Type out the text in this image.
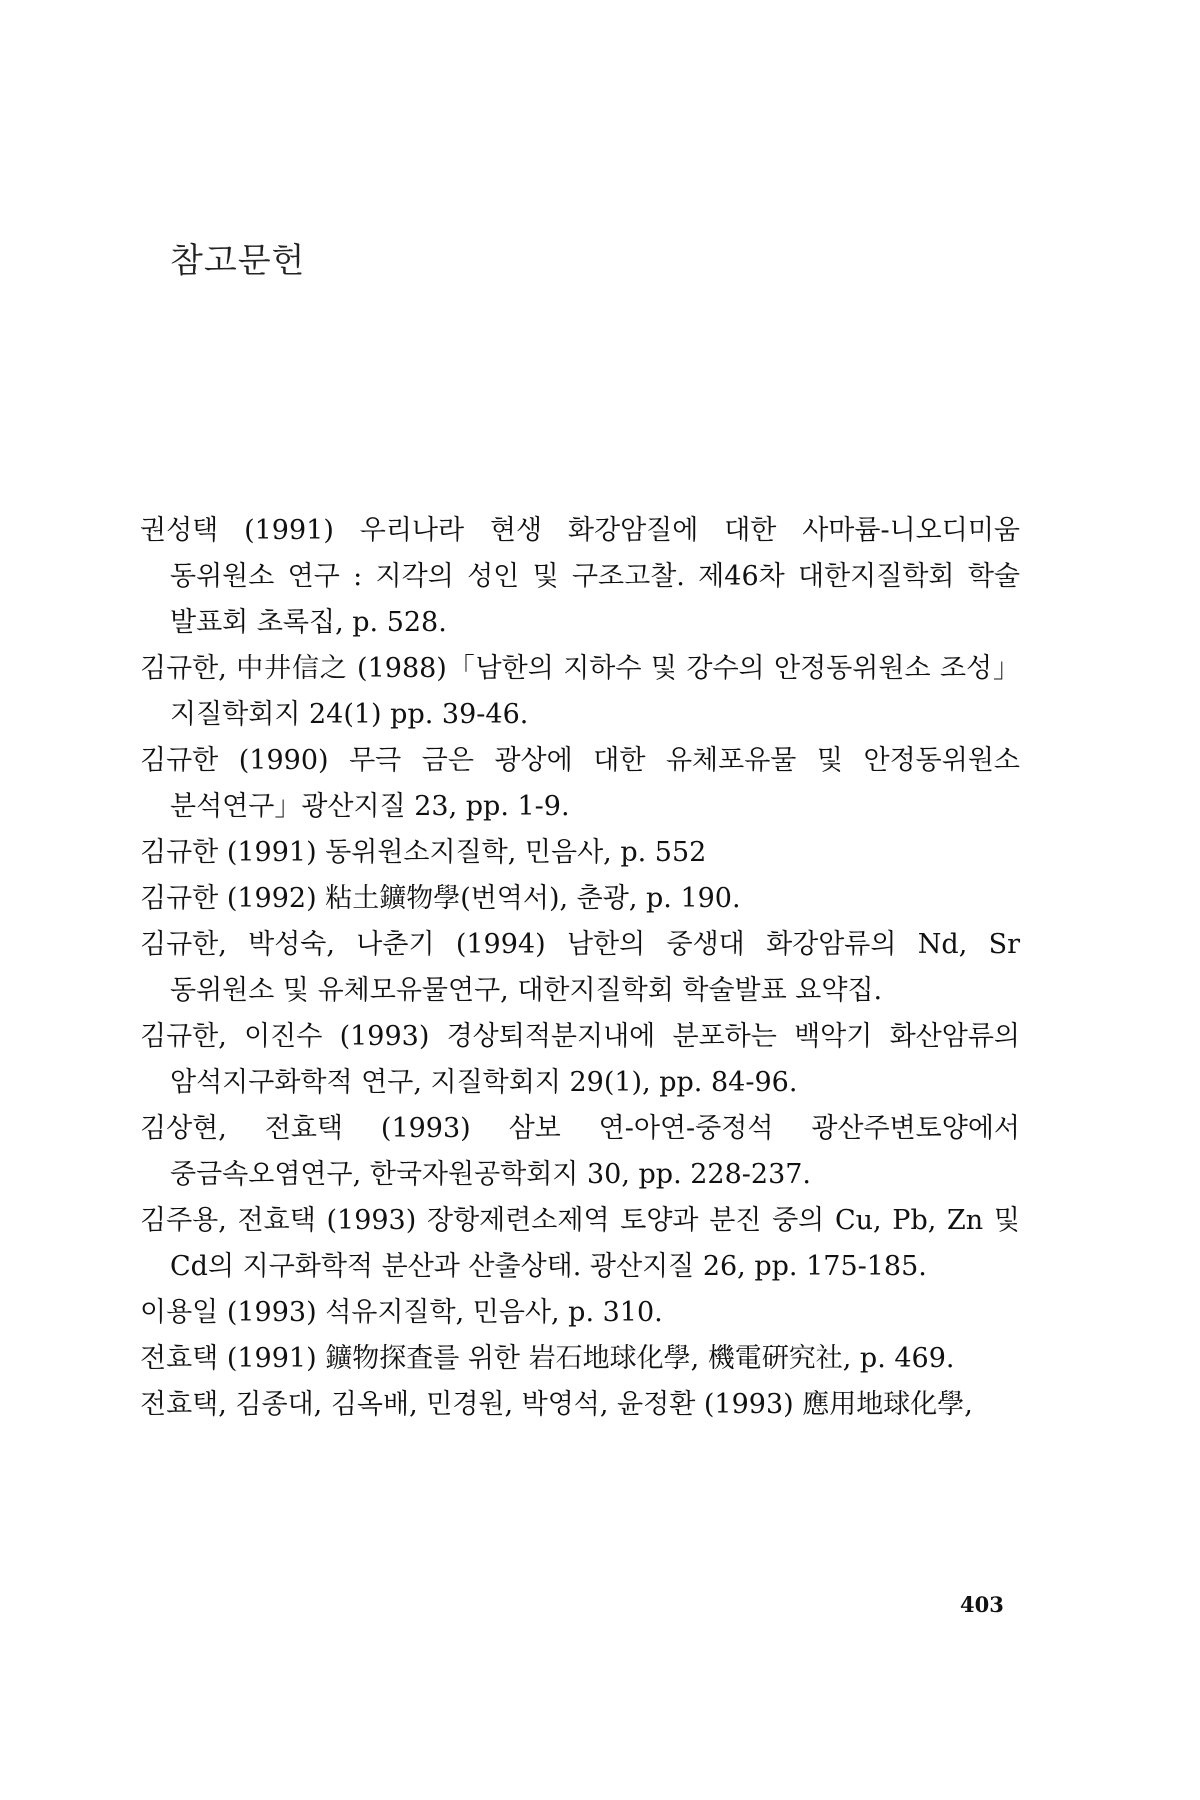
참고문헌
권성택 (1991) 우리나라 현생 화강암질에 대한 사마륨-니오디미움 동위원소 연구 : 지각의 성인 및 구조고찰. 제46차 대한지질학회 학술 발표회 초록집, p. 528.
김규한, 中井信之 (1988)「남한의 지하수 및 강수의 안정동위원소 조성」지질학회지 24(1) pp. 39-46.
김규한 (1990) 무극 금은 광상에 대한 유체포유물 및 안정동위원소 분석연구」광산지질 23, pp. 1-9.
김규한 (1991) 동위원소지질학, 민음사, p. 552
김규한 (1992) 粘土鑛物學(번역서), 춘광, p. 190.
김규한, 박성숙, 나춘기 (1994) 남한의 중생대 화강암류의 Nd, Sr 동위원소 및 유체모유물연구, 대한지질학회 학술발표 요약집.
김규한, 이진수 (1993) 경상퇴적분지내에 분포하는 백악기 화산암류의 암석지구화학적 연구, 지질학회지 29(1), pp. 84-96.
김상현, 전효택 (1993) 삼보 연-아연-중정석 광산주변토양에서 중금속오염연구, 한국자원공학회지 30, pp. 228-237.
김주용, 전효택 (1993) 장항제련소제역 토양과 분진 중의 Cu, Pb, Zn 및 Cd의 지구화학적 분산과 산출상태. 광산지질 26, pp. 175-185.
이용일 (1993) 석유지질학, 민음사, p. 310.
전효택 (1991) 鑛物探査를 위한 岩石地球化學, 機電硏究社, p. 469.
전효택, 김종대, 김옥배, 민경원, 박영석, 윤정환 (1993) 應用地球化學,
403
